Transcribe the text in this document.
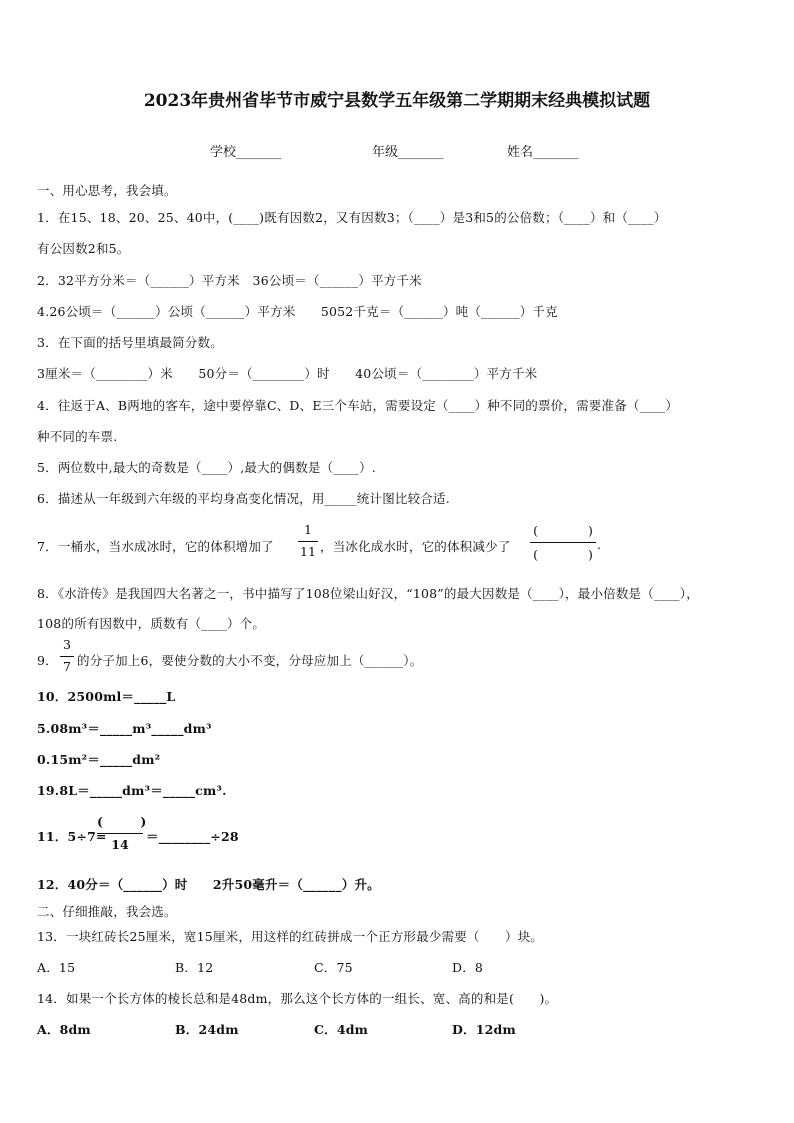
2023年贵州省毕节市威宁县数学五年级第二学期期末经典模拟试题
学校_______	年级_______	姓名_______
一、用心思考，我会填。
1．在15、18、20、25、40中，(____)既有因数2，又有因数3；（____）是3和5的公倍数；（____）和（____）
有公因数2和5。
2．32平方分米＝（______）平方米　36公顷＝（______）平方千米
4.26公顷＝（______）公顷（______）平方米　　5052千克＝（______）吨（______）千克
3．在下面的括号里填最简分数。
3厘米＝（________）米　　50分＝（________）时　　40公顷＝（________）平方千米
4．往返于A、B两地的客车，途中要停靠C、D、E三个车站，需要设定（____）种不同的票价，需要准备（____）
种不同的车票.
5．两位数中,最大的奇数是（____）,最大的偶数是（____）.
6．描述从一年级到六年级的平均身高变化情况，用_____统计图比较合适.
7．一桶水，当水成冰时，它的体积增加了
1
11 ，当冰化成水时，它的体积减少了
(　　　　)
(　　　　)
.
8．《水浒传》是我国四大名著之一，书中描写了108位梁山好汉，“108”的最大因数是（____），最小倍数是（____），
108的所有因数中，质数有（____）个。
9．
3
7 的分子加上6，要使分数的大小不变，分母应加上（______）。
10．2500ml＝_____L
5.08m³＝_____m³_____dm³
0.15m²＝_____dm²
19.8L＝_____dm³＝_____cm³.
11．5÷7=
(　　　)
14
＝________÷28
12．40分＝（______）时　　2升50毫升＝（______）升。
二、仔细推敲，我会选。
13．一块红砖长25厘米，宽15厘米，用这样的红砖拼成一个正方形最少需要（　　）块。
A．15	B．12	C．75	D．8
14．如果一个长方体的棱长总和是48dm，那么这个长方体的一组长、宽、高的和是(　　)。
A．8dm	B．24dm	C．4dm	D．12dm
